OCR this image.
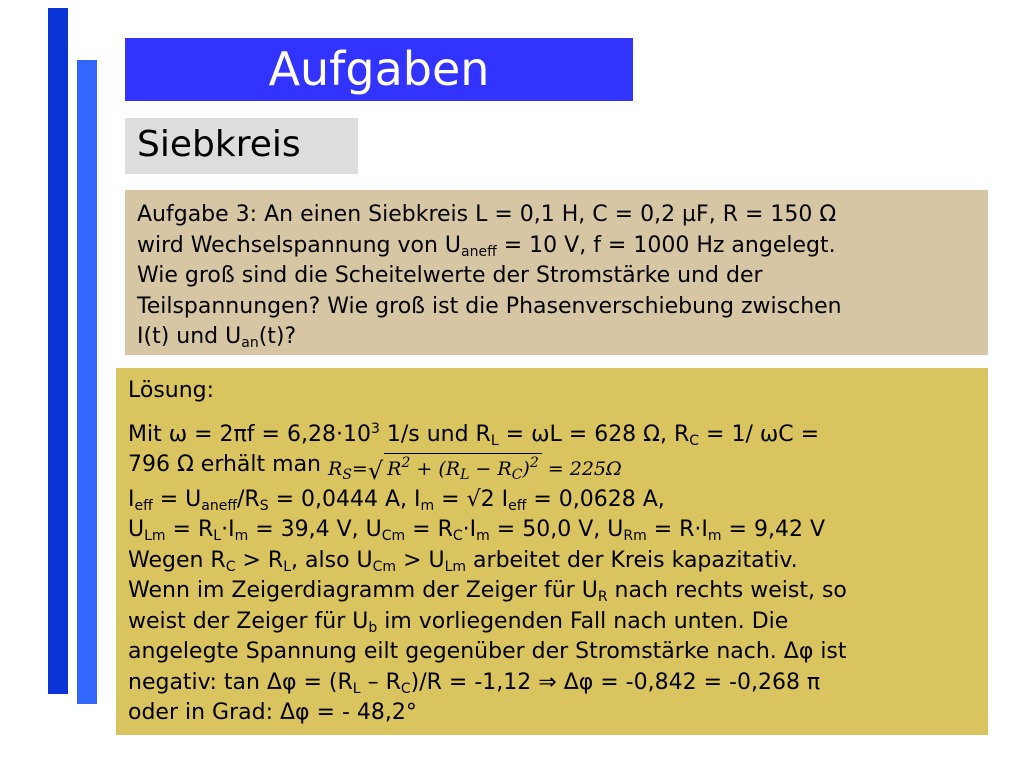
Aufgaben
Siebkreis
Aufgabe 3: An einen Siebkreis L = 0,1 H, C = 0,2 µF, R = 150 Ω
wird Wechselspannung von $U_{aneff} = 10$ V, f = 1000 Hz angelegt.
Wie groß sind die Scheitelwerte der Stromstärke und der
Teilspannungen? Wie groß ist die Phasenverschiebung zwischen
I(t) und $U_{an}(t)$?
Lösung:
Mit $\omega = 2\pi f = 6,28\cdot 10^3$ 1/s und $R_L = \omega L = 628$ Ω, $R_C = 1/$ ωC =
796 Ω erhält man $R_S=√$ $R^2 + (R_L - R_C)^2 = 225\Omega$
$I_{eff} = U_{aneff}/R_S = 0,0444$ A, $I_m = √2$ $I_{eff} = 0,0628$ A,
$U_{Lm} = R_L\cdot I_m = 39,4$ V, $U_{Cm} = R_C\cdot I_m = 50,0$ V, $U_{Rm} = R\cdot I_m = 9,42$ V
Wegen $R_C > R_L$, also $U_{Cm} > U_{Lm}$ arbeitet der Kreis kapazitativ.
Wenn im Zeigerdiagramm der Zeiger für $U_R$ nach rechts weist, so
weist der Zeiger für $U_b$ im vorliegenden Fall nach unten. Die
angelegte Spannung eilt gegenüber der Stromstärke nach. Δφ ist
negativ: $\tan \Delta\varphi = (R_L - R_C)/R = -1,12$ ⇒ Δφ = -0,842 = -0,268 π
oder in Grad: Δφ = - 48,2°
